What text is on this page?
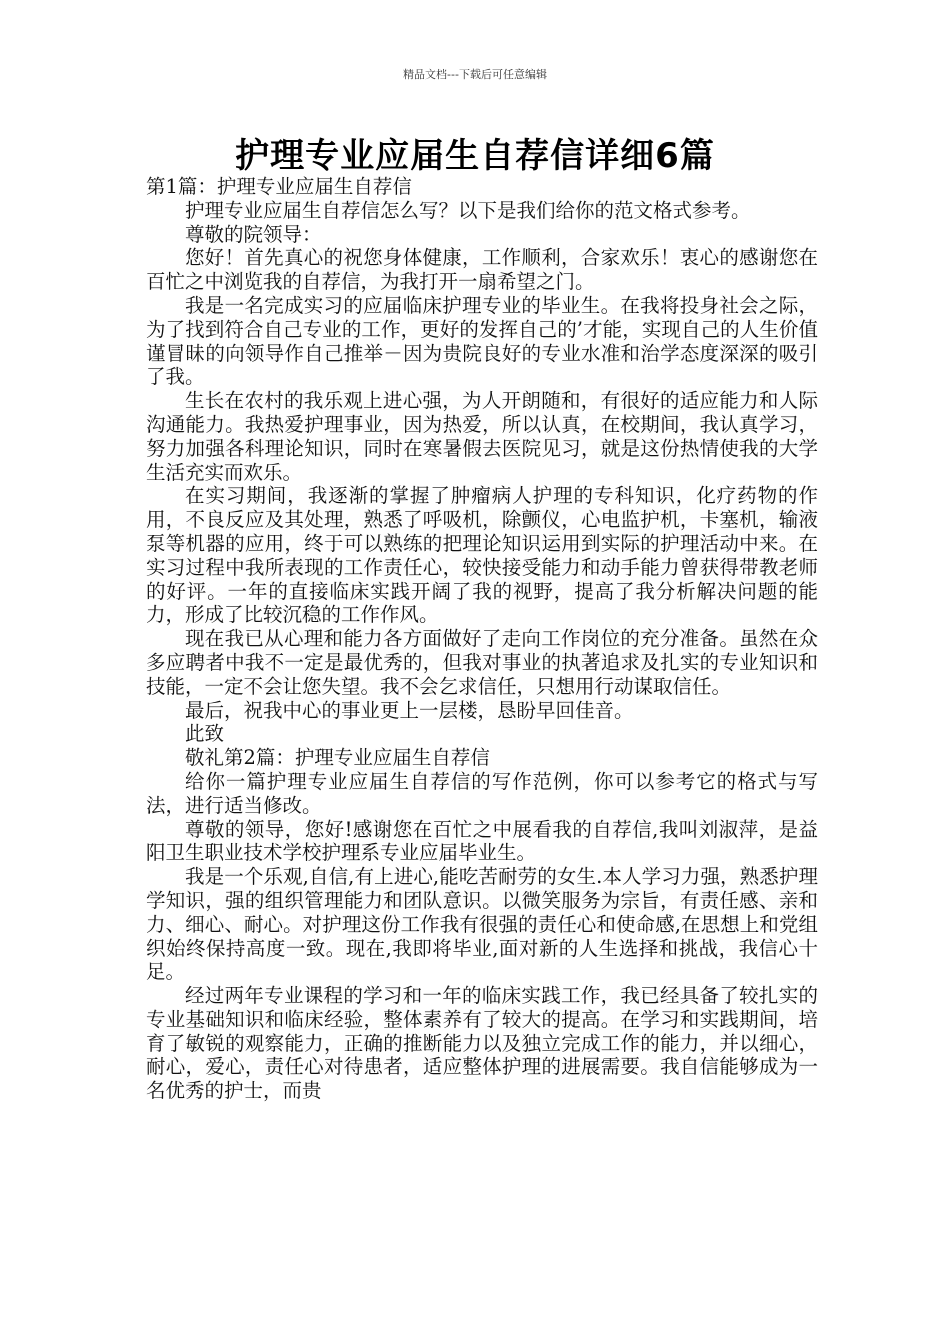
精品文档---下载后可任意编辑
护理专业应届生自荐信详细6篇

第1篇：护理专业应届生自荐信

护理专业应届生自荐信怎么写？以下是我们给你的范文格式参考。

尊敬的院领导：

您好！首先真心的祝您身体健康，工作顺利，合家欢乐！衷心的感谢您在百忙之中浏览我的自荐信，为我打开一扇希望之门。

我是一名完成实习的应届临床护理专业的毕业生。在我将投身社会之际，为了找到符合自己专业的工作，更好的发挥自己的’才能，实现自己的人生价值谨冒昧的向领导作自己推举－因为贵院良好的专业水准和治学态度深深的吸引了我。

生长在农村的我乐观上进心强，为人开朗随和，有很好的适应能力和人际沟通能力。我热爱护理事业，因为热爱，所以认真，在校期间，我认真学习，努力加强各科理论知识，同时在寒暑假去医院见习，就是这份热情使我的大学生活充实而欢乐。

在实习期间，我逐渐的掌握了肿瘤病人护理的专科知识，化疗药物的作用，不良反应及其处理，熟悉了呼吸机，除颤仪，心电监护机，卡塞机，输液泵等机器的应用，终于可以熟练的把理论知识运用到实际的护理活动中来。在实习过程中我所表现的工作责任心，较快接受能力和动手能力曾获得带教老师的好评。一年的直接临床实践开阔了我的视野，提高了我分析解决问题的能力，形成了比较沉稳的工作作风。

现在我已从心理和能力各方面做好了走向工作岗位的充分准备。虽然在众多应聘者中我不一定是最优秀的，但我对事业的执著追求及扎实的专业知识和技能，一定不会让您失望。我不会乞求信任，只想用行动谋取信任。

最后，祝我中心的事业更上一层楼，恳盼早回佳音。

此致

敬礼第2篇：护理专业应届生自荐信

给你一篇护理专业应届生自荐信的写作范例，你可以参考它的格式与写法，进行适当修改。

尊敬的领导，您好!感谢您在百忙之中展看我的自荐信,我叫刘淑萍，是益阳卫生职业技术学校护理系专业应届毕业生。

我是一个乐观,自信,有上进心,能吃苦耐劳的女生.本人学习力强，熟悉护理学知识，强的组织管理能力和团队意识。以微笑服务为宗旨，有责任感、亲和力、细心、耐心。对护理这份工作我有很强的责任心和使命感,在思想上和党组织始终保持高度一致。现在,我即将毕业,面对新的人生选择和挑战，我信心十足。

经过两年专业课程的学习和一年的临床实践工作，我已经具备了较扎实的专业基础知识和临床经验，整体素养有了较大的提高。在学习和实践期间，培育了敏锐的观察能力，正确的推断能力以及独立完成工作的能力，并以细心，耐心，爱心，责任心对待患者，适应整体护理的进展需要。我自信能够成为一名优秀的护士，而贵
